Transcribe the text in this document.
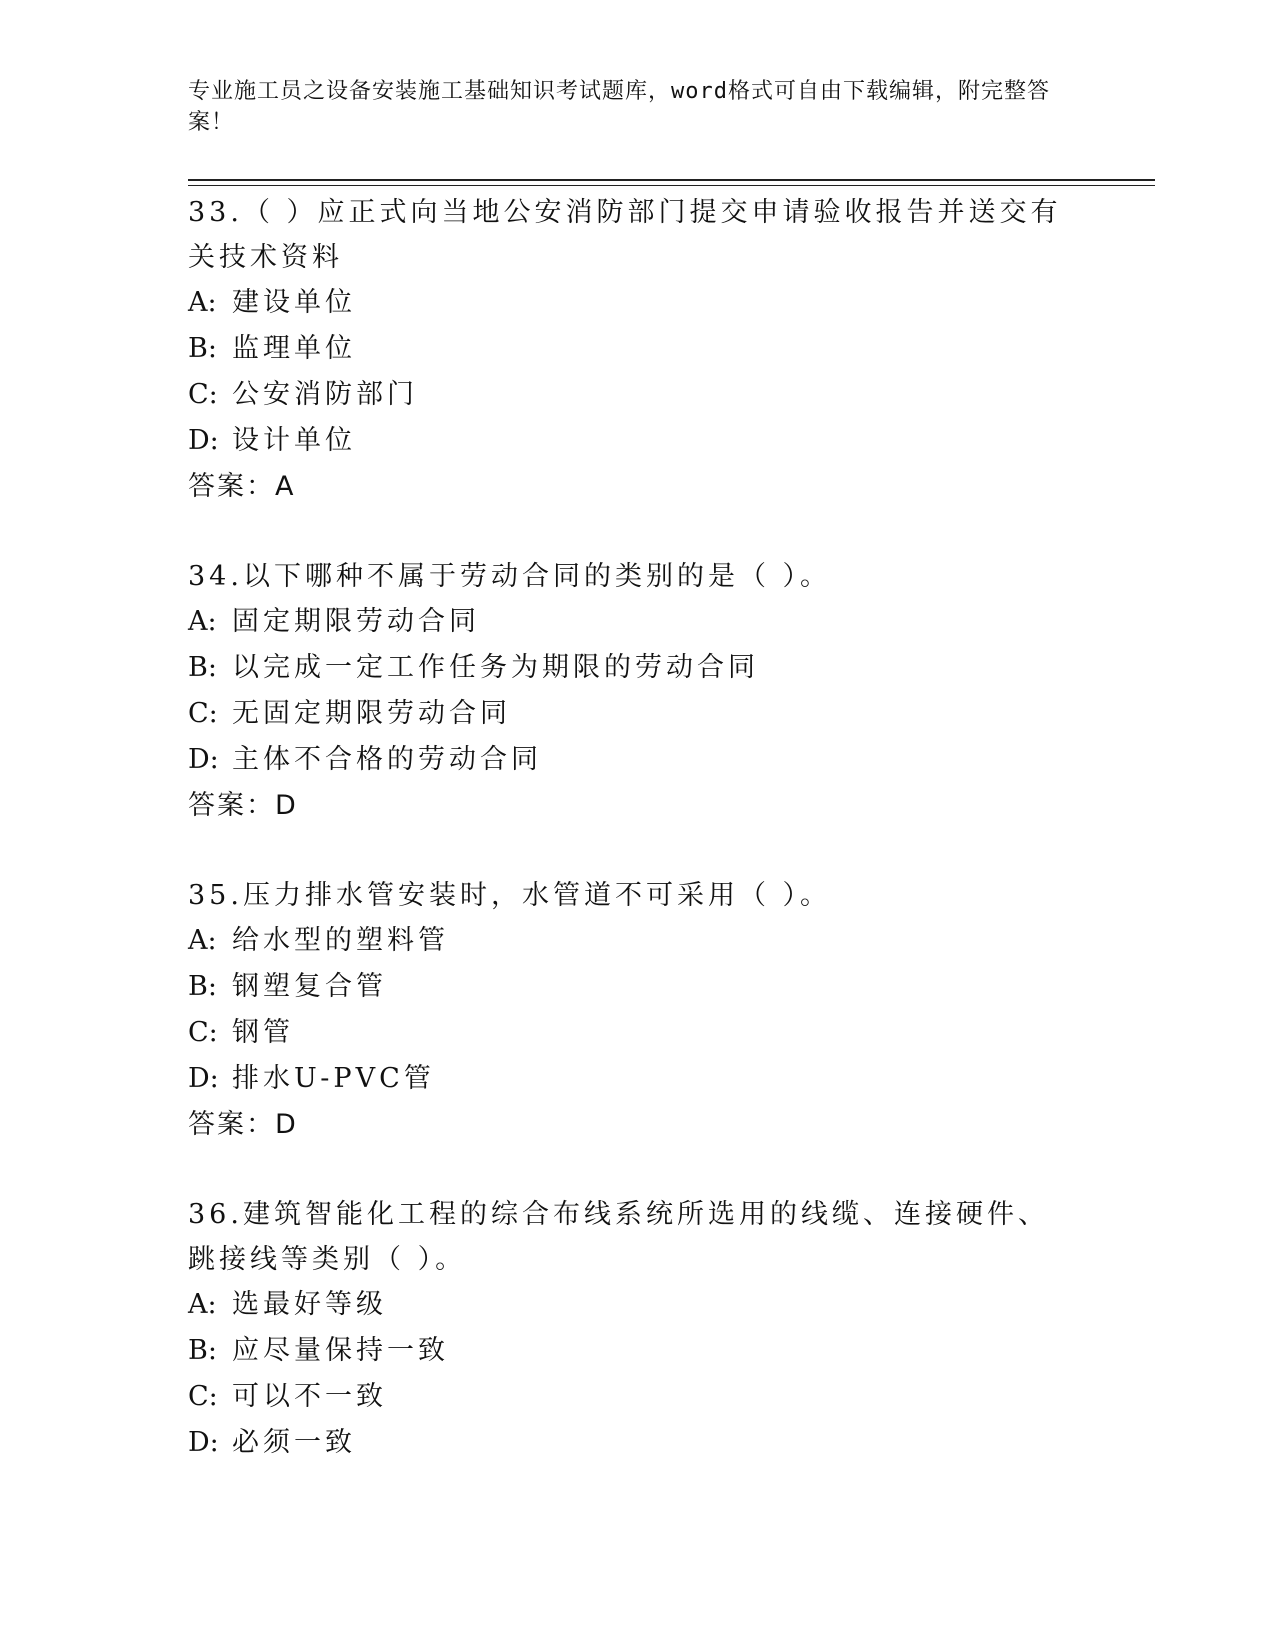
专业施工员之设备安装施工基础知识考试题库，word格式可自由下载编辑，附完整答案！
33.（ ）应正式向当地公安消防部门提交申请验收报告并送交有关技术资料
A: 建设单位
B: 监理单位
C: 公安消防部门
D: 设计单位
答案：A
34.以下哪种不属于劳动合同的类别的是（ ）。
A: 固定期限劳动合同
B: 以完成一定工作任务为期限的劳动合同
C: 无固定期限劳动合同
D: 主体不合格的劳动合同
答案：D
35.压力排水管安装时，水管道不可采用（ ）。
A: 给水型的塑料管
B: 钢塑复合管
C: 钢管
D: 排水U-PVC管
答案：D
36.建筑智能化工程的综合布线系统所选用的线缆、连接硬件、跳接线等类别（ ）。
A: 选最好等级
B: 应尽量保持一致
C: 可以不一致
D: 必须一致
